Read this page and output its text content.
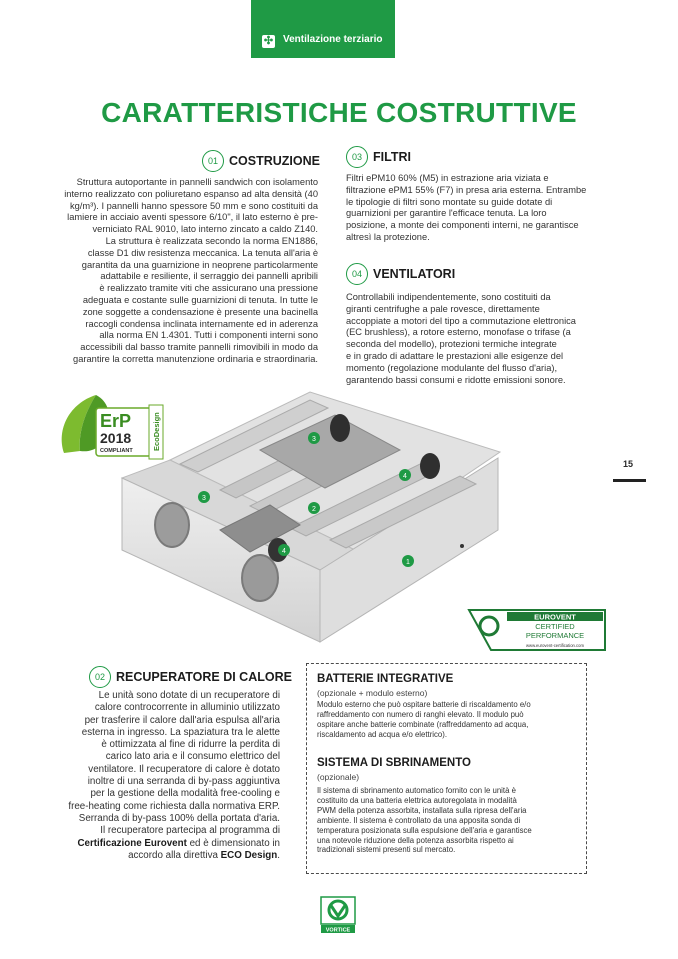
✣ Ventilazione terziario
CARATTERISTICHE COSTRUTTIVE
01 COSTRUZIONE
Struttura autoportante in pannelli sandwich con isolamento
interno realizzato con poliuretano espanso ad alta densità (40
kg/m³). I pannelli hanno spessore 50 mm e sono costituiti da
lamiere in acciaio aventi spessore 6/10", il lato esterno è pre-
verniciato RAL 9010, lato interno zincato a caldo Z140.
La struttura è realizzata secondo la norma EN1886,
classe D1 diw resistenza meccanica. La tenuta all'aria è
garantita da una guarnizione in neoprene particolarmente
adattabile e resiliente, il serraggio dei pannelli apribili
è realizzato tramite viti che assicurano una pressione
adeguata e costante sulle guarnizioni di tenuta. In tutte le
zone soggette a condensazione è presente una bacinella
raccogli condensa inclinata internamente ed in aderenza
alla norma EN 1.4301. Tutti i componenti interni sono
accessibili dal basso tramite pannelli rimovibili in modo da
garantire la corretta manutenzione ordinaria e straordinaria.
03 FILTRI
Filtri ePM10 60% (M5) in estrazione aria viziata e
filtrazione ePM1 55% (F7) in presa aria esterna. Entrambe
le tipologie di filtri sono montate su guide dotate di
guarnizioni per garantire l'efficace tenuta. La loro
posizione, a monte dei componenti interni, ne garantisce
altresì la protezione.
04 VENTILATORI
Controllabili indipendentemente, sono costituiti da
giranti centrifughe a pale rovesce, direttamente
accoppiate a motori del tipo a commutazione elettronica
(EC brushless), a rotore esterno, monofase o trifase (a
seconda del modello), protezioni termiche integrate
e in grado di adattare le prestazioni alle esigenze del
momento (regolazione modulante del flusso d'aria),
garantendo bassi consumi e ridotte emissioni sonore.
15
ErP
2018
COMPLIANT	EcoDesign	3
4
3
2
4
1
EUROVENT
CERTIFIED
PERFORMANCE
www.eurovent-certification.com
02 RECUPERATORE DI CALORE
Le unità sono dotate di un recuperatore di
calore controcorrente in alluminio utilizzato
per trasferire il calore dall'aria espulsa all'aria
esterna in ingresso. La spaziatura tra le alette
è ottimizzata al fine di ridurre la perdita di
carico lato aria e il consumo elettrico del
ventilatore. Il recuperatore di calore è dotato
inoltre di una serranda di by-pass aggiuntiva
per la gestione della modalità free-cooling e
free-heating come richiesta dalla normativa ERP.
Serranda di by-pass 100% della portata d'aria.
Il recuperatore partecipa al programma di
Certificazione Eurovent ed è dimensionato in
accordo alla direttiva ECO Design.
BATTERIE INTEGRATIVE
(opzionale + modulo esterno)
Modulo esterno che può ospitare batterie di riscaldamento e/o
raffreddamento con numero di ranghi elevato. Il modulo può
ospitare anche batterie combinate (raffreddamento ad acqua,
riscaldamento ad acqua e/o elettrico).
SISTEMA DI SBRINAMENTO
(opzionale)
Il sistema di sbrinamento automatico fornito con le unità è
costituito da una batteria elettrica autoregolata in modalità
PWM della potenza assorbita, installata sulla ripresa dell'aria
ambiente. Il sistema è controllato da una apposita sonda di
temperatura posizionata sulla espulsione dell'aria e garantisce
una notevole riduzione della potenza assorbita rispetto ai
tradizionali sistemi presenti sul mercato.
VORTICE
